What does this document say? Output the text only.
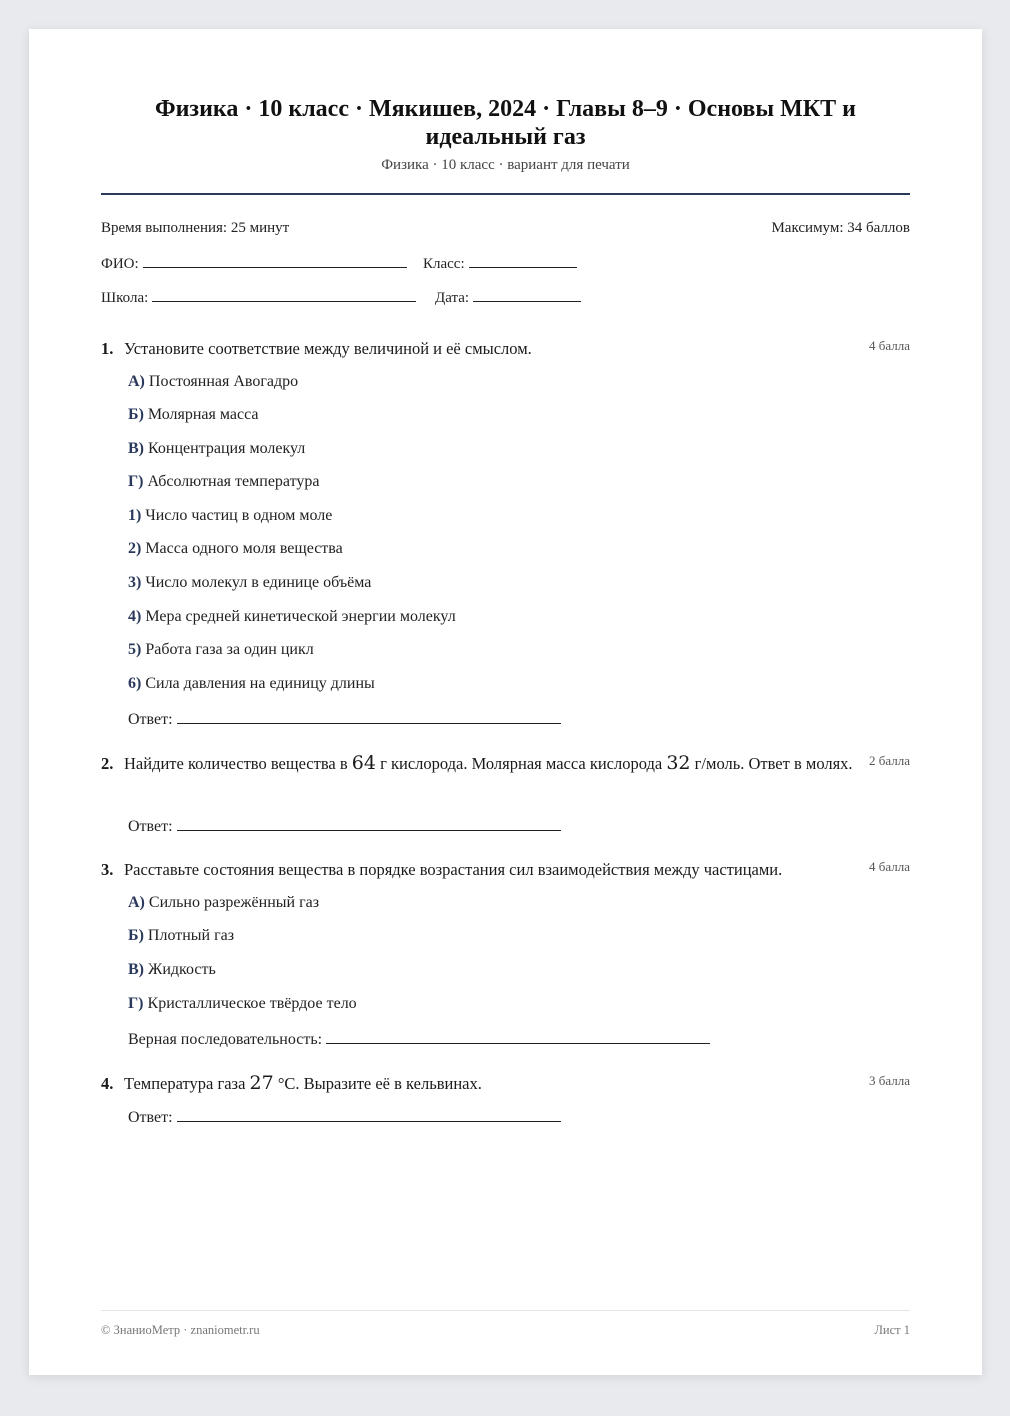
Физика · 10 класс · Мякишев, 2024 · Главы 8–9 · Основы МКТ и идеальный газ
Физика · 10 класс · вариант для печати
Время выполнения: 25 минут	Максимум: 34 баллов
ФИО:	Класс:
Школа:	Дата:
1. Установите соответствие между величиной и её смыслом.	4 балла
А) Постоянная Авогадро
Б) Молярная масса
В) Концентрация молекул
Г) Абсолютная температура
1) Число частиц в одном моле
2) Масса одного моля вещества
3) Число молекул в единице объёма
4) Мера средней кинетической энергии молекул
5) Работа газа за один цикл
6) Сила давления на единицу длины
Ответ:
2. Найдите количество вещества в 64 г кислорода. Молярная масса кислорода 32 г/моль. Ответ в молях. 2 балла
Ответ:
3. Расставьте состояния вещества в порядке возрастания сил взаимодействия между частицами.	4 балла
А) Сильно разрежённый газ
Б) Плотный газ
В) Жидкость
Г) Кристаллическое твёрдое тело
Верная последовательность:
4. Температура газа 27 °C. Выразите её в кельвинах.	3 балла
Ответ:
© ЗнаниоМетр · znaniometr.ru	Лист 1
